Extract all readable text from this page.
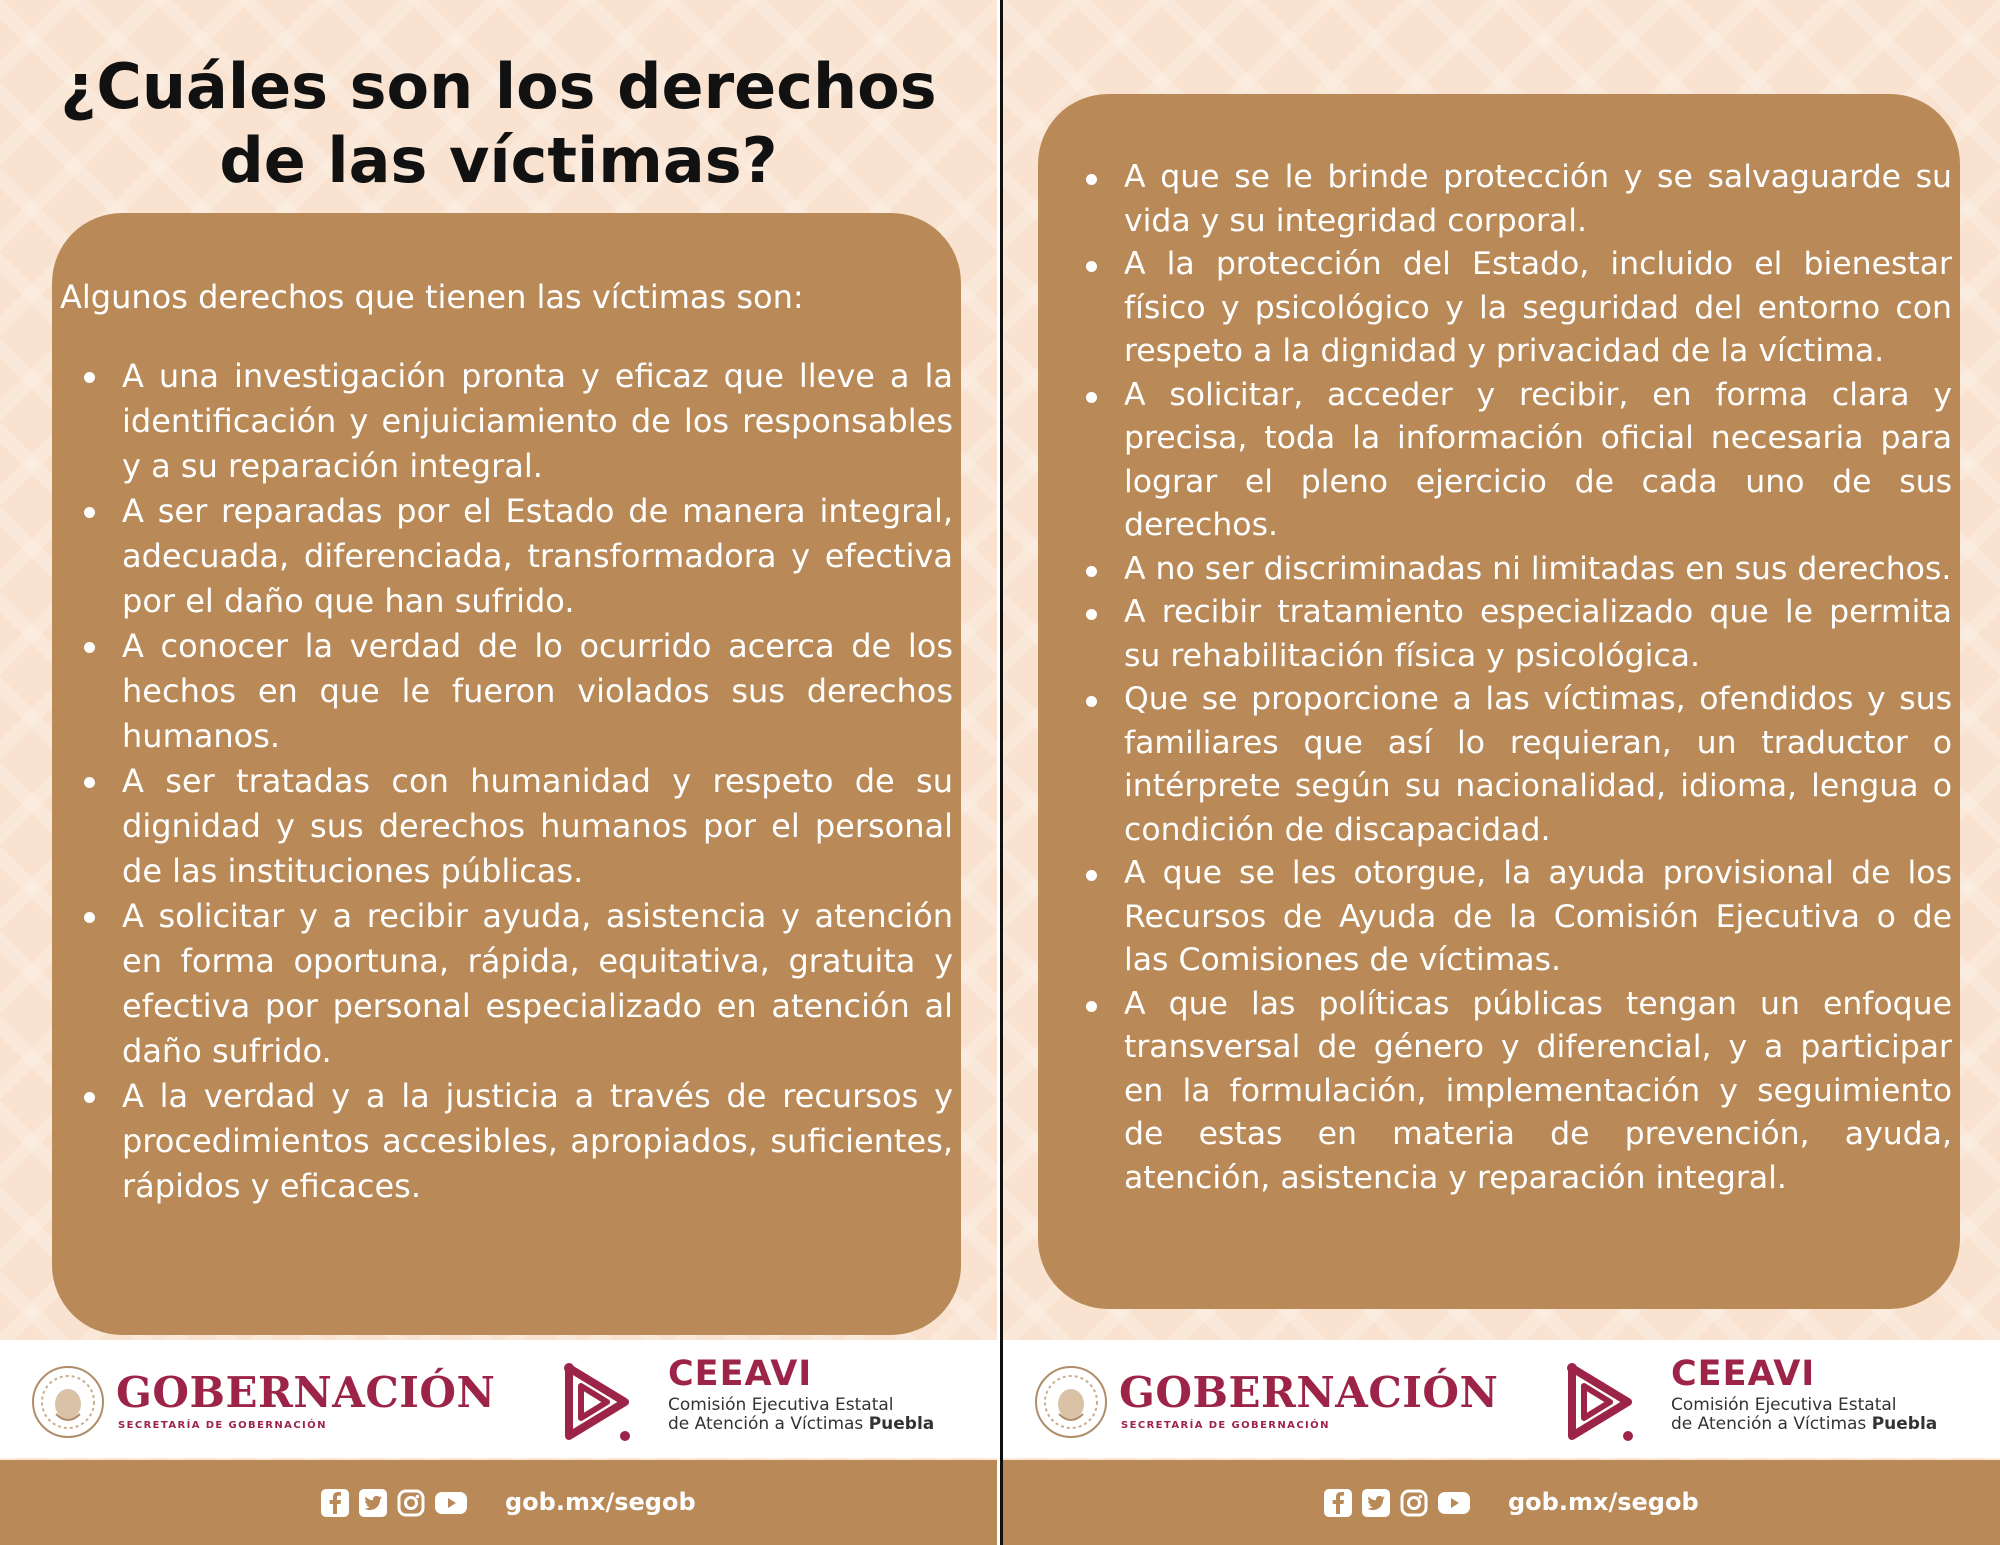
¿Cuáles son los derechos
de las víctimas?

Algunos derechos que tienen las víctimas son:

A una investigación pronta y eficaz que lleve a la identificación y enjuiciamiento de los responsables y a su reparación integral.
A ser reparadas por el Estado de manera integral, adecuada, diferenciada, transformadora y efectiva por el daño que han sufrido.
A conocer la verdad de lo ocurrido acerca de los hechos en que le fueron violados sus derechos humanos.
A ser tratadas con humanidad y respeto de su dignidad y sus derechos humanos por el personal de las instituciones públicas.
A solicitar y a recibir ayuda, asistencia y atención en forma oportuna, rápida, equitativa, gratuita y efectiva por personal especializado en atención al daño sufrido.
A la verdad y a la justicia a través de recursos y procedimientos accesibles, apropiados, suficientes, rápidos y eficaces.
GOBERNACIÓN
SECRETARÍA DE GOBERNACIÓN
CEEAVI
Comisión Ejecutiva Estatal
de Atención a Víctimas Puebla
gob.mx/segob
A que se le brinde protección y se salvaguarde su vida y su integridad corporal.
A la protección del Estado, incluido el bienestar físico y psicológico y la seguridad del entorno con respeto a la dignidad y privacidad de la víctima.
A solicitar, acceder y recibir, en forma clara y precisa, toda la información oficial necesaria para lograr el pleno ejercicio de cada uno de sus derechos.
A no ser discriminadas ni limitadas en sus derechos.
A recibir tratamiento especializado que le permita su rehabilitación física y psicológica.
Que se proporcione a las víctimas, ofendidos y sus familiares que así lo requieran, un traductor o intérprete según su nacionalidad, idioma, lengua o condición de discapacidad.
A que se les otorgue, la ayuda provisional de los Recursos de Ayuda de la Comisión Ejecutiva o de las Comisiones de víctimas.
A que las políticas públicas tengan un enfoque transversal de género y diferencial, y a participar en la formulación, implementación y seguimiento de estas en materia de prevención, ayuda, atención, asistencia y reparación integral.
GOBERNACIÓN
SECRETARÍA DE GOBERNACIÓN
CEEAVI
Comisión Ejecutiva Estatal
de Atención a Víctimas Puebla
gob.mx/segob
